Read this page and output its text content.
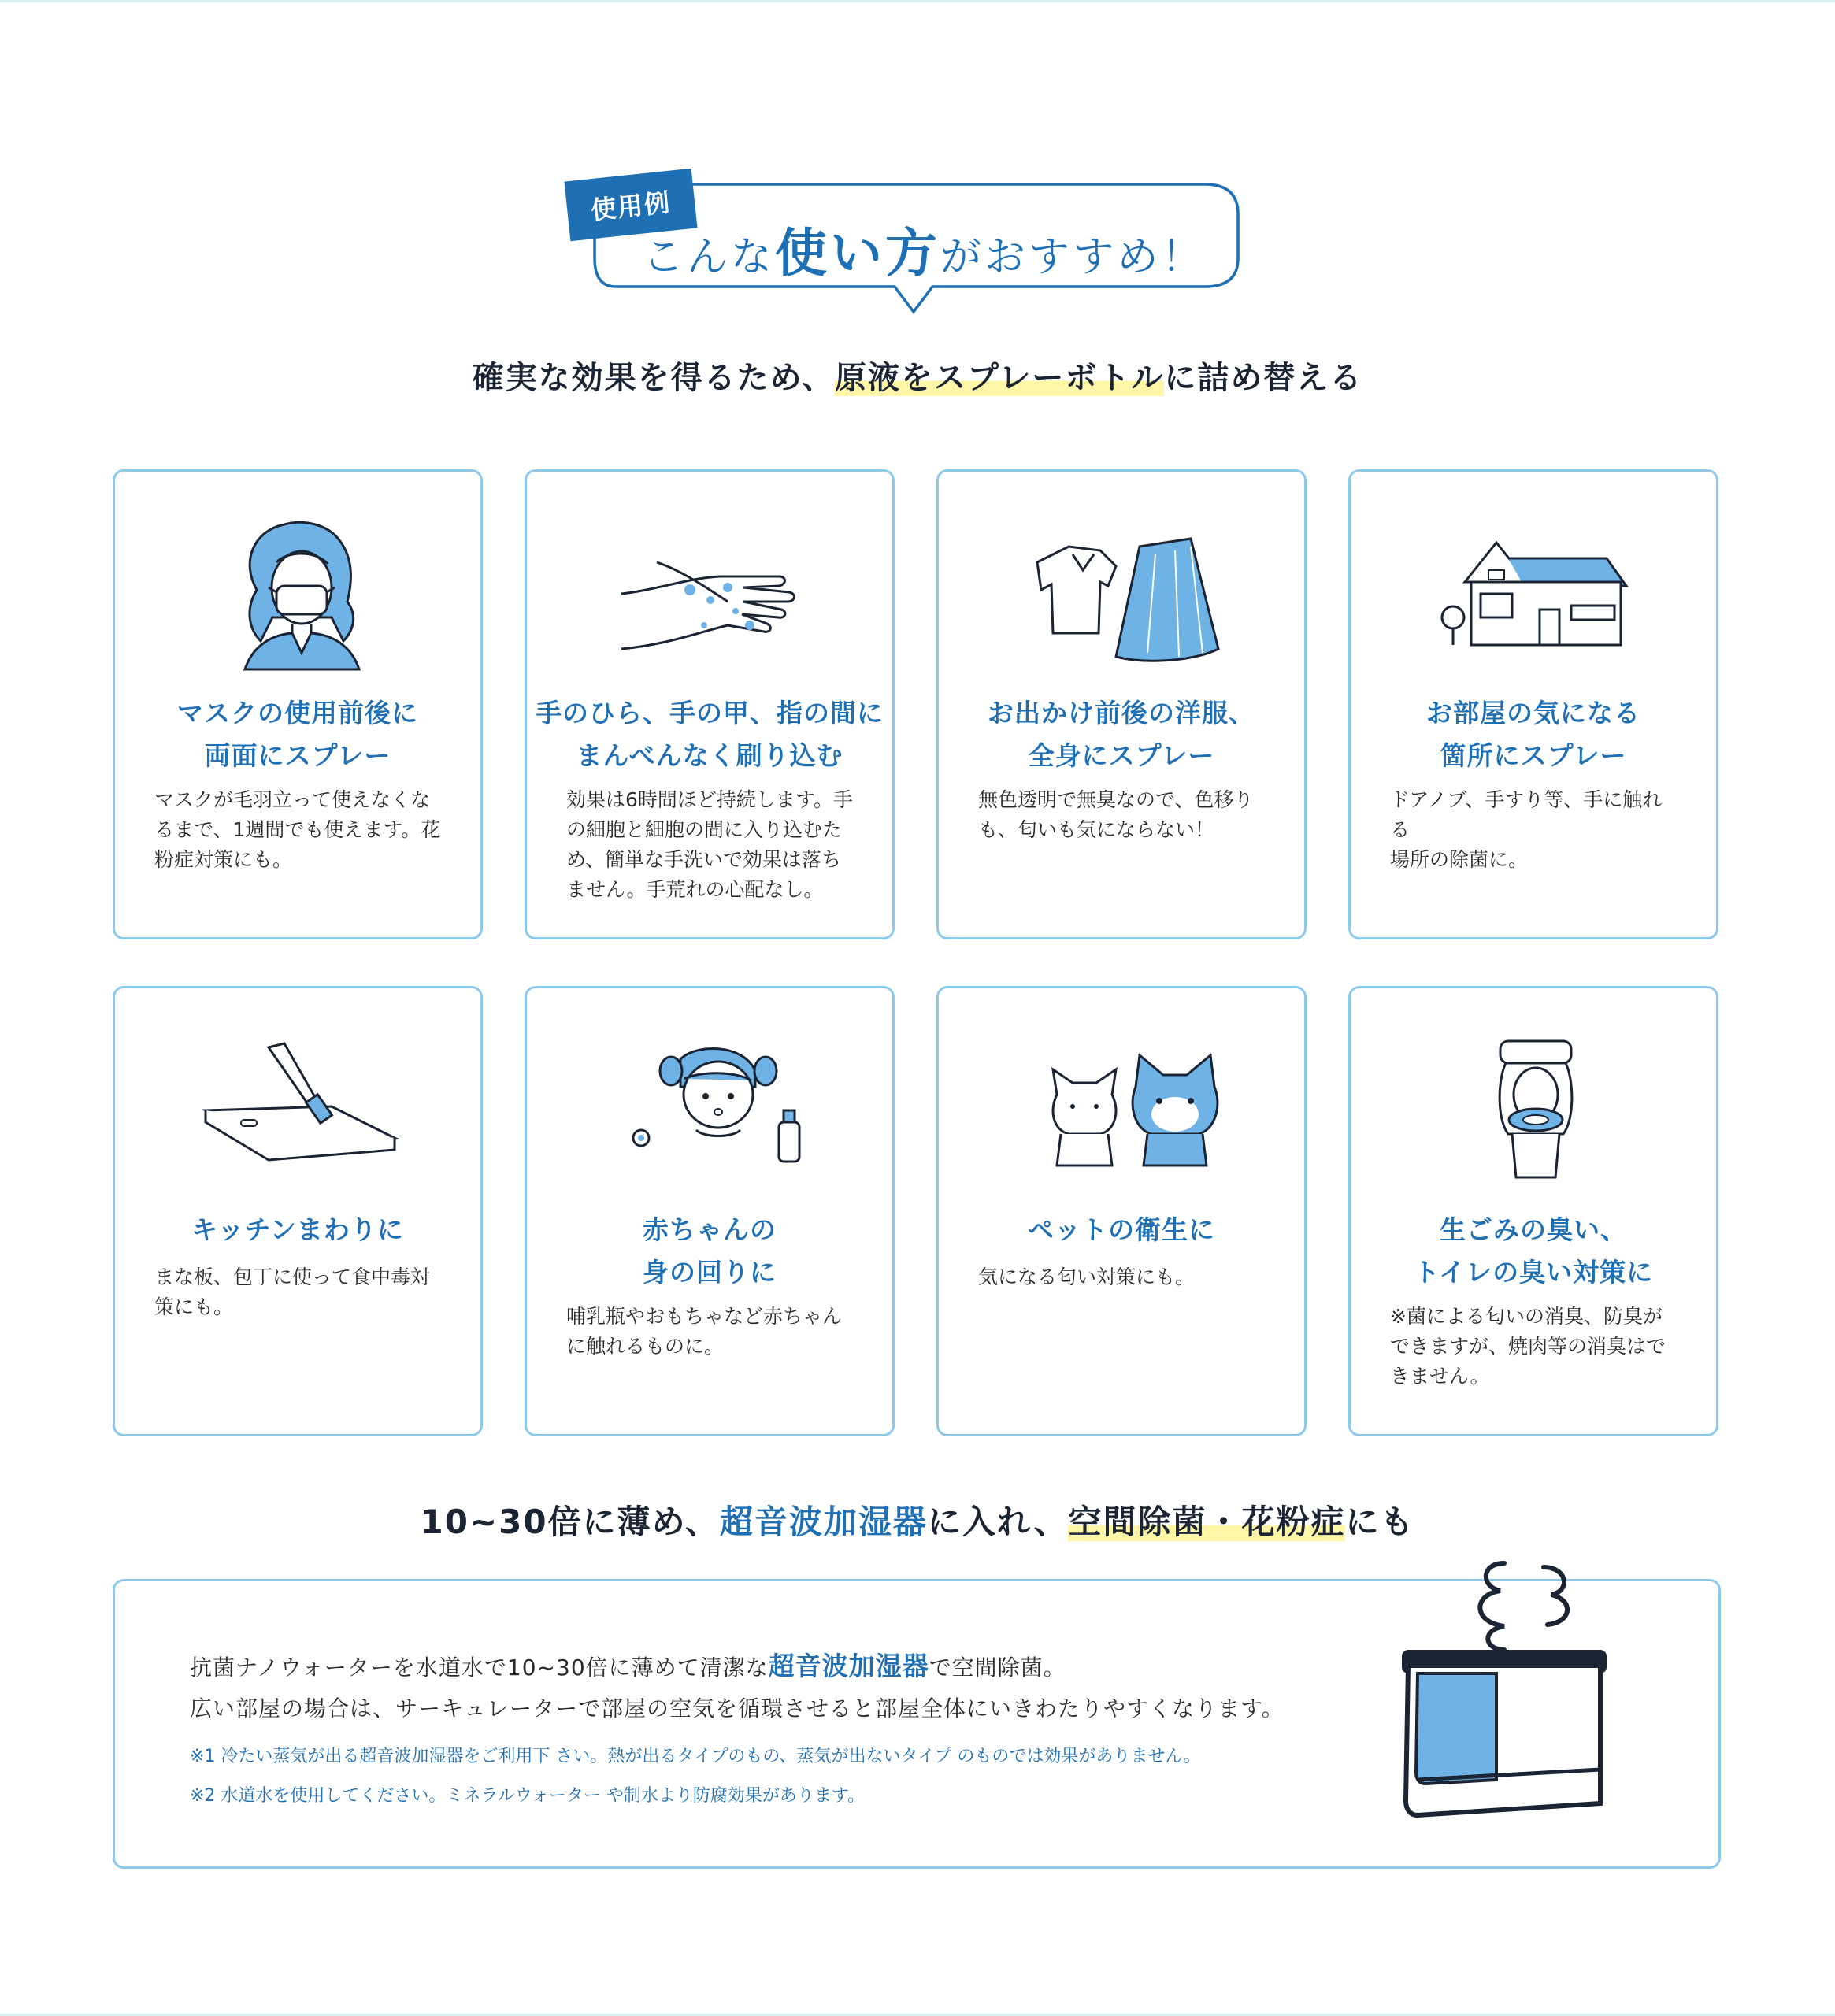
使用例
こんな使い方がおすすめ！
確実な効果を得るため、原液をスプレーボトルに詰め替える
マスクの使用前後に
両面にスプレー
マスクが毛羽立って使えなくな
るまで、1週間でも使えます。花
粉症対策にも。
手のひら、手の甲、指の間に
まんべんなく刷り込む
効果は6時間ほど持続します。手
の細胞と細胞の間に入り込むた
め、簡単な手洗いで効果は落ち
ません。手荒れの心配なし。
お出かけ前後の洋服、
全身にスプレー
無色透明で無臭なので、色移り
も、匂いも気にならない！
お部屋の気になる
箇所にスプレー
ドアノブ、手すり等、手に触れる
場所の除菌に。
キッチンまわりに
まな板、包丁に使って食中毒対
策にも。
赤ちゃんの
身の回りに
哺乳瓶やおもちゃなど赤ちゃん
に触れるものに。
ペットの衛生に
気になる匂い対策にも。
生ごみの臭い、
トイレの臭い対策に
※菌による匂いの消臭、防臭が
できますが、焼肉等の消臭はで
きません。
10~30倍に薄め、超音波加湿器に入れ、空間除菌・花粉症にも
抗菌ナノウォーターを水道水で10~30倍に薄めて清潔な超音波加湿器で空間除菌。
広い部屋の場合は、サーキュレーターで部屋の空気を循環させると部屋全体にいきわたりやすくなります。
※1 冷たい蒸気が出る超音波加湿器をご利用下 さい。熱が出るタイプのもの、蒸気が出ないタイプ のものでは効果がありません。
※2 水道水を使用してください。ミネラルウォーター や制水より防腐効果があります。
